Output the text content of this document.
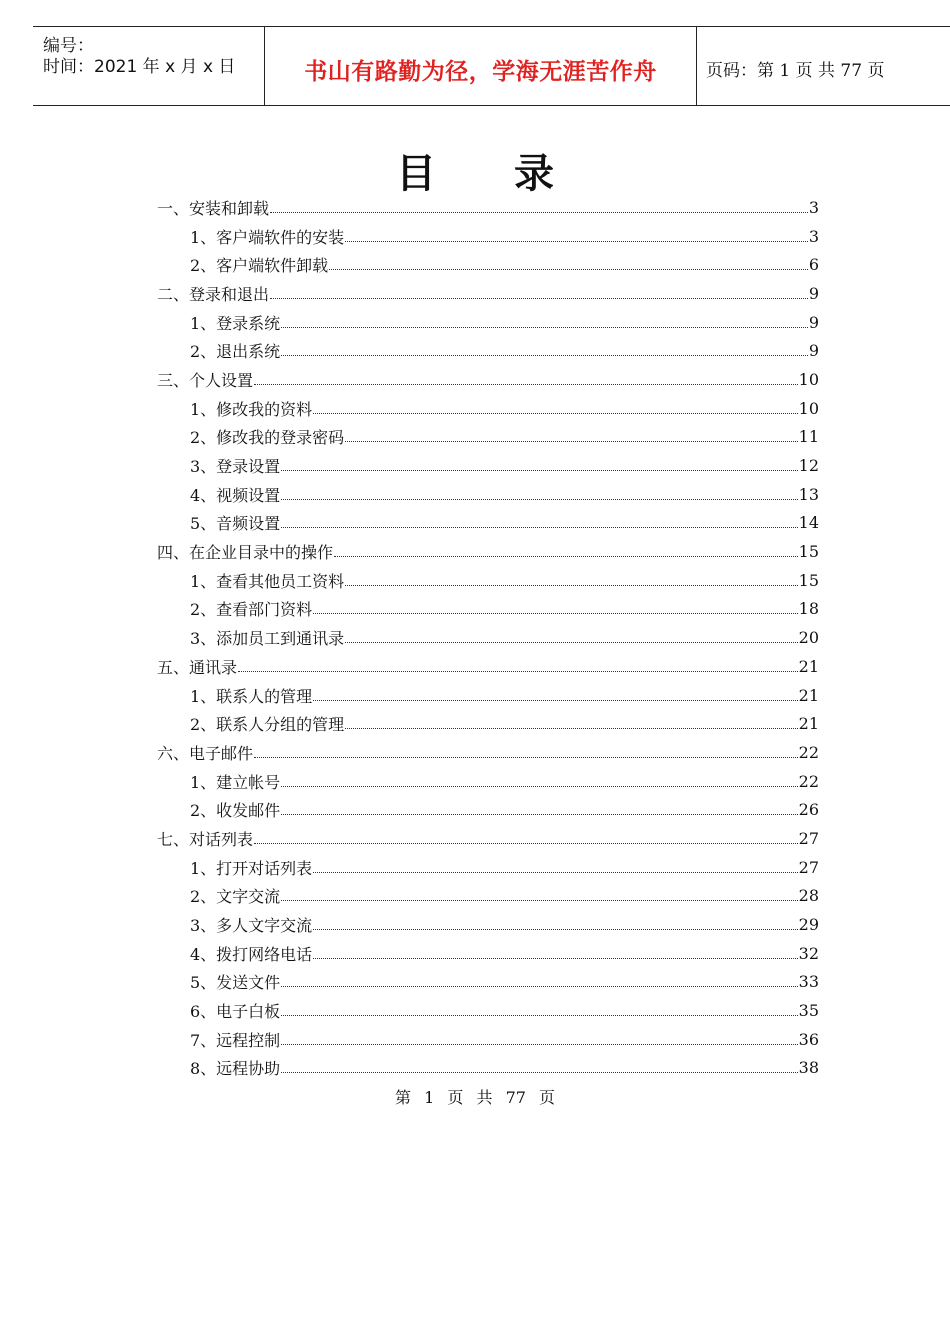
编号：
时间：2021 年 x 月 x 日	书山有路勤为径，学海无涯苦作舟	页码：第 1 页 共 77 页
目 录
一、安装和卸载	3
1、客户端软件的安装	3
2、客户端软件卸载	6
二、登录和退出	9
1、登录系统	9
2、退出系统	9
三、个人设置	10
1、修改我的资料	10
2、修改我的登录密码	11
3、登录设置	12
4、视频设置	13
5、音频设置	14
四、在企业目录中的操作	15
1、查看其他员工资料	15
2、查看部门资料	18
3、添加员工到通讯录	20
五、通讯录	21
1、联系人的管理	21
2、联系人分组的管理	21
六、电子邮件	22
1、建立帐号	22
2、收发邮件	26
七、对话列表	27
1、打开对话列表	27
2、文字交流	28
3、多人文字交流	29
4、拨打网络电话	32
5、发送文件	33
6、电子白板	35
7、远程控制	36
8、远程协助	38
第 1 页 共 77 页
